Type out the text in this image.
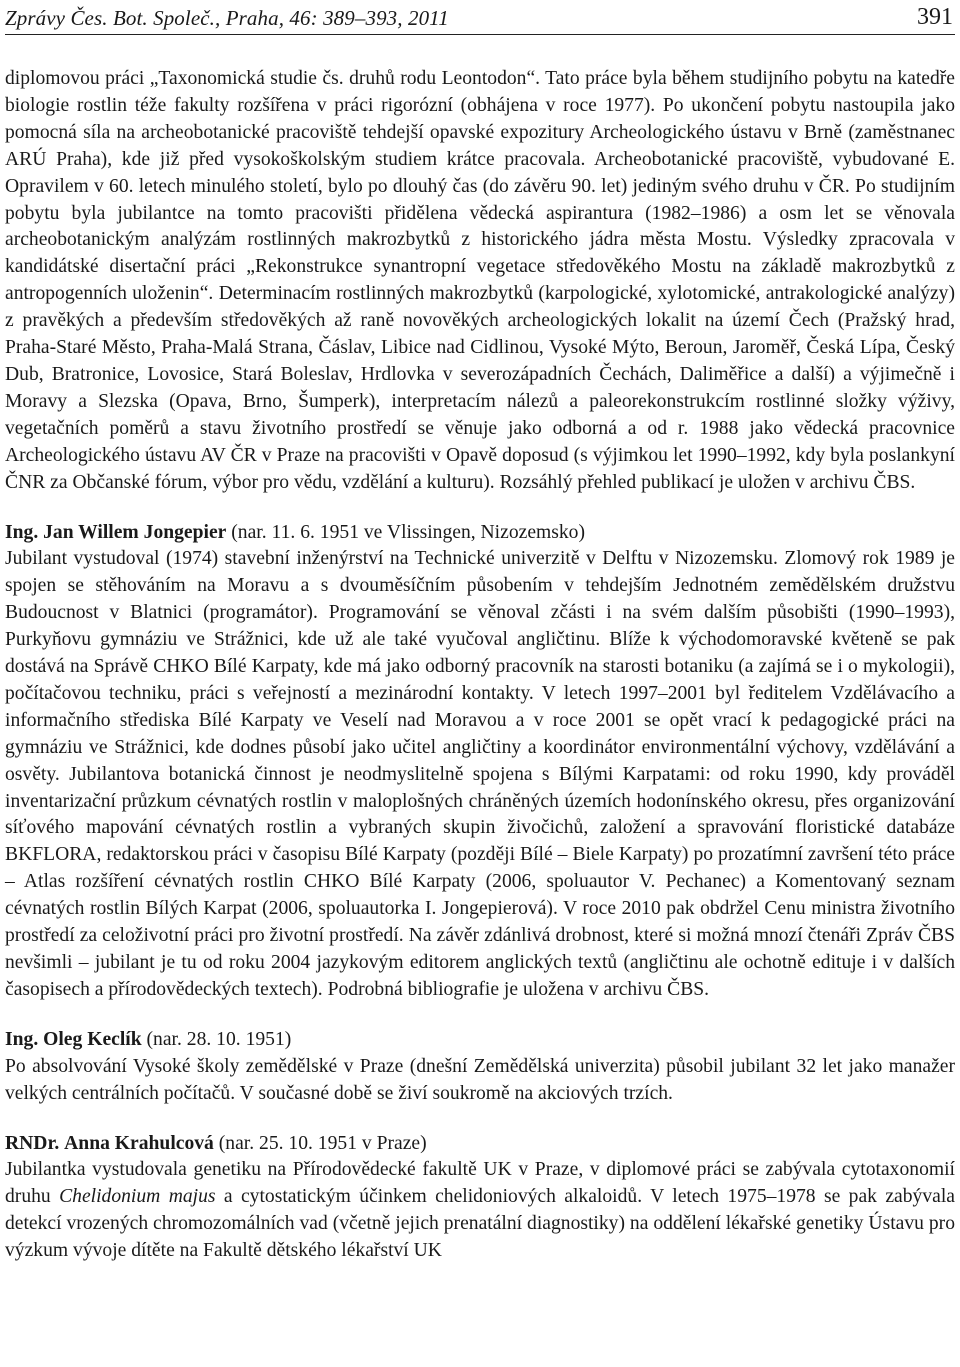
Zprávy Čes. Bot. Společ., Praha, 46: 389–393, 2011	391

diplomovou práci „Taxonomická studie čs. druhů rodu Leontodon“. Tato práce byla během studijního pobytu na katedře biologie rostlin téže fakulty rozšířena v práci rigorózní (obhájena v roce 1977). Po ukončení pobytu nastoupila jako pomocná síla na archeobotanické pracoviště tehdejší opavské expozitury Archeologického ústavu v Brně (zaměstnanec ARÚ Praha), kde již před vysokoškolským studiem krátce pracovala. Archeobotanické pracoviště, vybudované E. Opravilem v 60. letech minulého století, bylo po dlouhý čas (do závěru 90. let) jediným svého druhu v ČR. Po studijním pobytu byla jubilantce na tomto pracovišti přidělena vědecká aspirantura (1982–1986) a osm let se věnovala archeobotanickým analýzám rostlinných makrozbytků z historického jádra města Mostu. Výsledky zpracovala v kandidátské disertační práci „Rekonstrukce synantropní vegetace středověkého Mostu na základě makrozbytků z antropogenních uloženin“. Determinacím rostlinných makrozbytků (karpologické, xylotomické, antrakologické analýzy) z pravěkých a především středověkých až raně novověkých archeologických lokalit na území Čech (Pražský hrad, Praha-Staré Město, Praha-Malá Strana, Čáslav, Libice nad Cidlinou, Vysoké Mýto, Beroun, Jaroměř, Česká Lípa, Český Dub, Bratronice, Lovosice, Stará Boleslav, Hrdlovka v severozápadních Čechách, Daliměřice a další) a výjimečně i Moravy a Slezska (Opava, Brno, Šumperk), interpretacím nálezů a paleorekonstrukcím rostlinné složky výživy, vegetačních poměrů a stavu životního prostředí se věnuje jako odborná a od r. 1988 jako vědecká pracovnice Archeologického ústavu AV ČR v Praze na pracovišti v Opavě doposud (s výjimkou let 1990–1992, kdy byla poslankyní ČNR za Občanské fórum, výbor pro vědu, vzdělání a kulturu). Rozsáhlý přehled publikací je uložen v archivu ČBS.

Ing. Jan Willem Jongepier (nar. 11. 6. 1951 ve Vlissingen, Nizozemsko)

Jubilant vystudoval (1974) stavební inženýrství na Technické univerzitě v Delftu v Nizozemsku. Zlomový rok 1989 je spojen se stěhováním na Moravu a s dvouměsíčním působením v tehdejším Jednotném zemědělském družstvu Budoucnost v Blatnici (programátor). Programování se věnoval zčásti i na svém dalším působišti (1990–1993), Purkyňovu gymnáziu ve Strážnici, kde už ale také vyučoval angličtinu. Blíže k východomoravské květeně se pak dostává na Správě CHKO Bílé Karpaty, kde má jako odborný pracovník na starosti botaniku (a zajímá se i o mykologii), počítačovou techniku, práci s veřejností a mezinárodní kontakty. V letech 1997–2001 byl ředitelem Vzdělávacího a informačního střediska Bílé Karpaty ve Veselí nad Moravou a v roce 2001 se opět vrací k pedagogické práci na gymnáziu ve Strážnici, kde dodnes působí jako učitel angličtiny a koordinátor environmentální výchovy, vzdělávání a osvěty. Jubilantova botanická činnost je neodmyslitelně spojena s Bílými Karpatami: od roku 1990, kdy prováděl inventarizační průzkum cévnatých rostlin v maloplošných chráněných územích hodonínského okresu, přes organizování síťového mapování cévnatých rostlin a vybraných skupin živočichů, založení a spravování floristické databáze BKFLORA, redaktorskou práci v časopisu Bílé Karpaty (později Bílé – Biele Karpaty) po prozatímní završení této práce – Atlas rozšíření cévnatých rostlin CHKO Bílé Karpaty (2006, spoluautor V. Pechanec) a Komentovaný seznam cévnatých rostlin Bílých Karpat (2006, spoluautorka I. Jongepierová). V roce 2010 pak obdržel Cenu ministra životního prostředí za celoživotní práci pro životní prostředí. Na závěr zdánlivá drobnost, které si možná mnozí čtenáři Zpráv ČBS nevšimli – jubilant je tu od roku 2004 jazykovým editorem anglických textů (angličtinu ale ochotně edituje i v dalších časopisech a přírodovědeckých textech). Podrobná bibliografie je uložena v archivu ČBS.

Ing. Oleg Keclík (nar. 28. 10. 1951)

Po absolvování Vysoké školy zemědělské v Praze (dnešní Zemědělská univerzita) působil jubilant 32 let jako manažer velkých centrálních počítačů. V současné době se živí soukromě na akciových trzích.

RNDr. Anna Krahulcová (nar. 25. 10. 1951 v Praze)

Jubilantka vystudovala genetiku na Přírodovědecké fakultě UK v Praze, v diplomové práci se zabývala cytotaxonomií druhu Chelidonium majus a cytostatickým účinkem chelidoniových alkaloidů. V letech 1975–1978 se pak zabývala detekcí vrozených chromozomálních vad (včetně jejich prenatální diagnostiky) na oddělení lékařské genetiky Ústavu pro výzkum vývoje dítěte na Fakultě dětského lékařství UK
